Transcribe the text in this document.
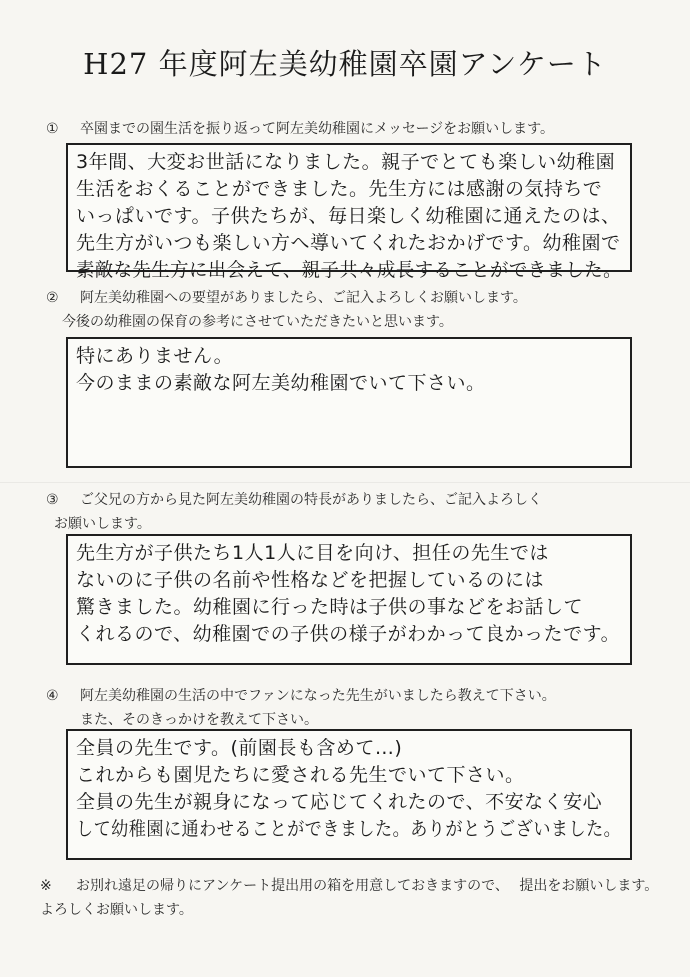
H27 年度阿左美幼稚園卒園アンケート
① 卒園までの園生活を振り返って阿左美幼稚園にメッセージをお願いします。
3年間、大変お世話になりました。親子でとても楽しい幼稚園
生活をおくることができました。先生方には感謝の気持ちで
いっぱいです。子供たちが、毎日楽しく幼稚園に通えたのは、
先生方がいつも楽しい方へ導いてくれたおかげです。幼稚園で
素敵な先生方に出会えて、親子共々成長することができました。
② 阿左美幼稚園への要望がありましたら、ご記入よろしくお願いします。
今後の幼稚園の保育の参考にさせていただきたいと思います。
特にありません。
今のままの素敵な阿左美幼稚園でいて下さい。
③ ご父兄の方から見た阿左美幼稚園の特長がありましたら、ご記入よろしく
お願いします。
先生方が子供たち1人1人に目を向け、担任の先生では
ないのに子供の名前や性格などを把握しているのには
驚きました。幼稚園に行った時は子供の事などをお話して
くれるので、幼稚園での子供の様子がわかって良かったです。
④ 阿左美幼稚園の生活の中でファンになった先生がいましたら教えて下さい。
また、そのきっかけを教えて下さい。
全員の先生です。(前園長も含めて…)
これからも園児たちに愛される先生でいて下さい。
全員の先生が親身になって応じてくれたので、不安なく安心
して幼稚園に通わせることができました。ありがとうございました。
※ お別れ遠足の帰りにアンケート提出用の箱を用意しておきますので、 提出をお願いします。よろしくお願いします。
